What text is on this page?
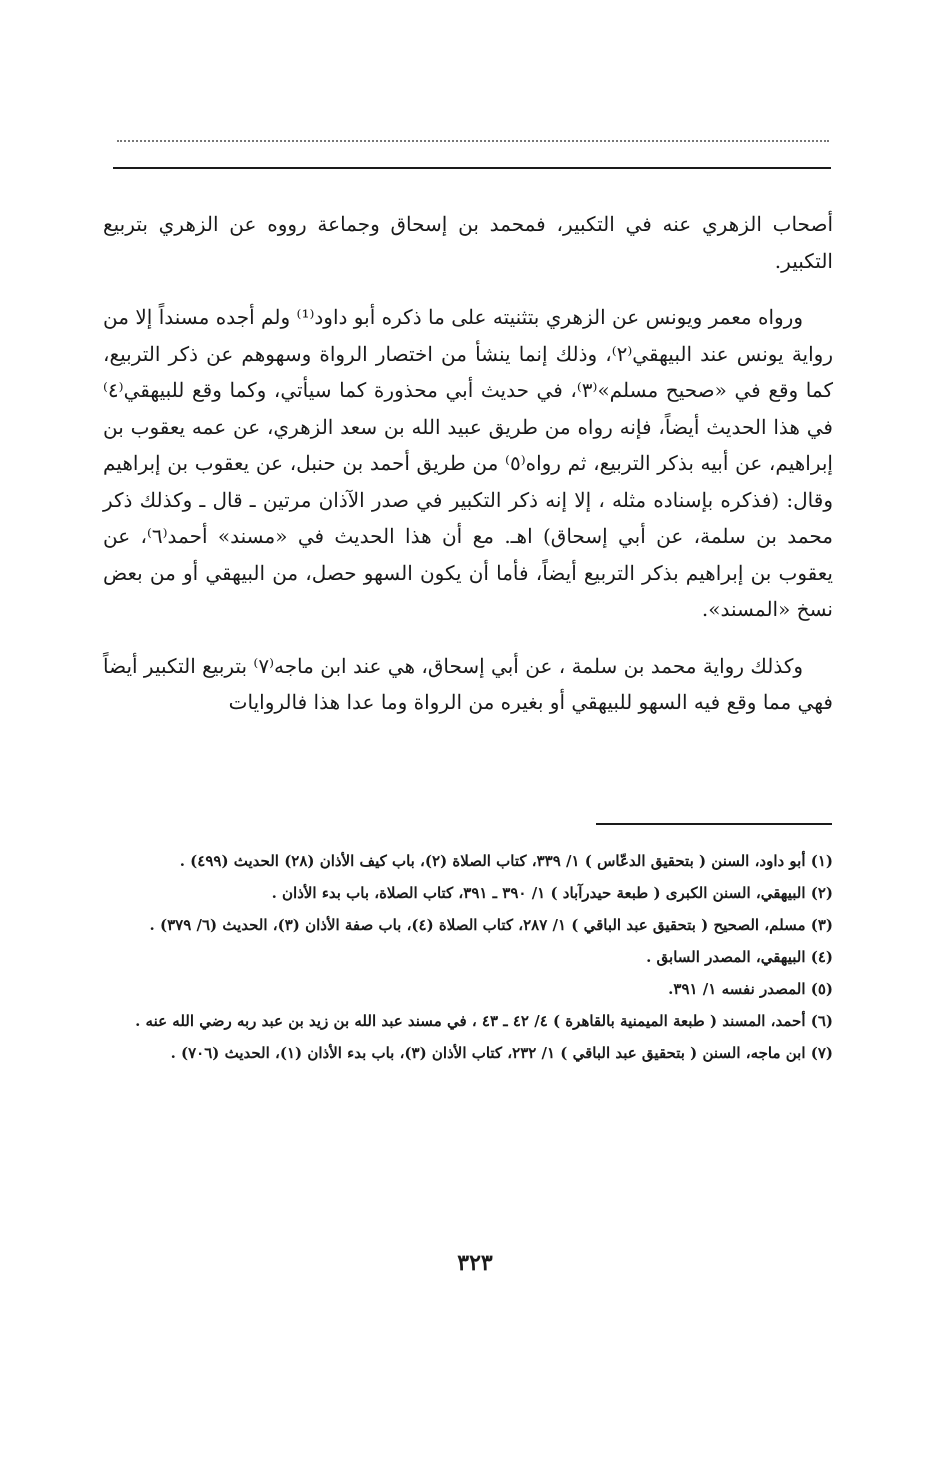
أصحاب الزهري عنه في التكبير، فمحمد بن إسحاق وجماعة رووه عن الزهري بتربيع التكبير.

ورواه معمر ويونس عن الزهري بتثنيته على ما ذكره أبو داود⁽¹⁾ ولم أجده مسنداً إلا من رواية يونس عند البيهقي⁽٢⁾، وذلك إنما ينشأ من اختصار الرواة وسهوهم عن ذكر التربيع، كما وقع في «صحيح مسلم»⁽٣⁾، في حديث أبي محذورة كما سيأتي، وكما وقع للبيهقي⁽٤⁾ في هذا الحديث أيضاً، فإنه رواه من طريق عبيد الله بن سعد الزهري، عن عمه يعقوب بن إبراهيم، عن أبيه بذكر التربيع، ثم رواه⁽٥⁾ من طريق أحمد بن حنبل، عن يعقوب بن إبراهيم وقال: (فذكره بإسناده مثله ، إلا إنه ذكر التكبير في صدر الآذان مرتين ـ قال ـ وكذلك ذكر محمد بن سلمة، عن أبي إسحاق) اهـ. مع أن هذا الحديث في «مسند» أحمد⁽٦⁾، عن يعقوب بن إبراهيم بذكر التربيع أيضاً، فأما أن يكون السهو حصل، من البيهقي أو من بعض نسخ «المسند».

وكذلك رواية محمد بن سلمة ، عن أبي إسحاق، هي عند ابن ماجه⁽٧⁾ بتربيع التكبير أيضاً فهي مما وقع فيه السهو للبيهقي أو بغيره من الرواة وما عدا هذا فالروايات

(١) أبو داود، السنن ( بتحقيق الدعّاس ) ١/ ٣٣٩، كتاب الصلاة (٢)، باب كيف الأذان (٢٨) الحديث (٤٩٩) .

(٢) البيهقي، السنن الكبرى ( طبعة حيدرآباد ) ١/ ٣٩٠ ـ ٣٩١، كتاب الصلاة، باب بدء الأذان .

(٣) مسلم، الصحيح ( بتحقيق عبد الباقي ) ١/ ٢٨٧، كتاب الصلاة (٤)، باب صفة الأذان (٣)، الحديث (٦/ ٣٧٩) .

(٤) البيهقي، المصدر السابق .

(٥) المصدر نفسه ١/ ٣٩١.

(٦) أحمد، المسند ( طبعة الميمنية بالقاهرة ) ٤/ ٤٢ ـ ٤٣ ، في مسند عبد الله بن زيد بن عبد ربه رضي الله عنه .

(٧) ابن ماجه، السنن ( بتحقيق عبد الباقي ) ١/ ٢٣٢، كتاب الأذان (٣)، باب بدء الأذان (١)، الحديث (٧٠٦) .

٣٢٣
